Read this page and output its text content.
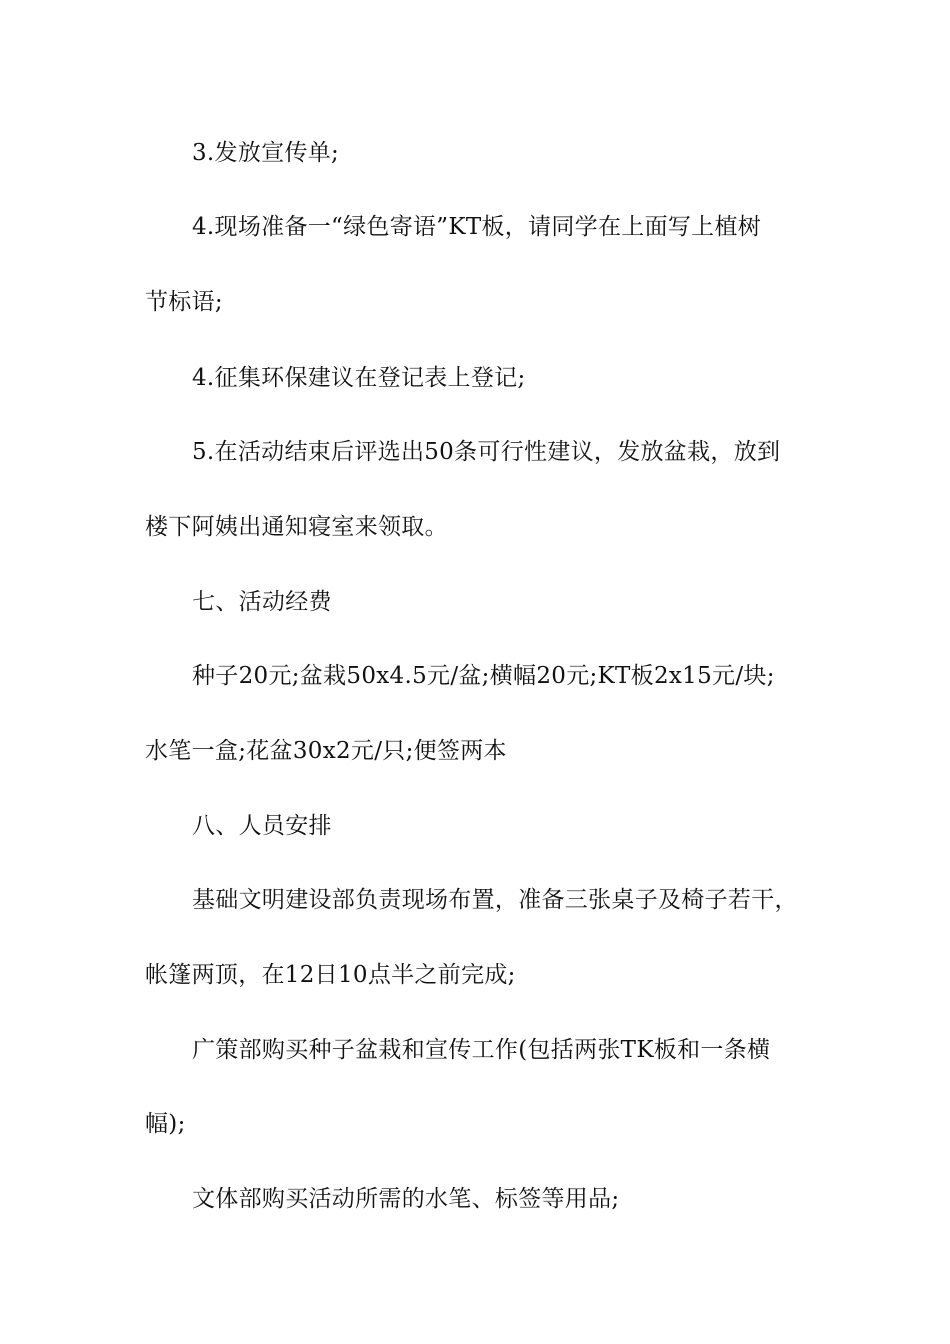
3.发放宣传单;

4.现场准备一“绿色寄语”KT板，请同学在上面写上植树

节标语;

4.征集环保建议在登记表上登记;

5.在活动结束后评选出50条可行性建议，发放盆栽，放到

楼下阿姨出通知寝室来领取。

七、活动经费

种子20元;盆栽50x4.5元/盆;横幅20元;KT板2x15元/块;

水笔一盒;花盆30x2元/只;便签两本

八、人员安排

基础文明建设部负责现场布置，准备三张桌子及椅子若干，

帐篷两顶，在12日10点半之前完成;

广策部购买种子盆栽和宣传工作(包括两张TK板和一条横

幅);

文体部购买活动所需的水笔、标签等用品;
